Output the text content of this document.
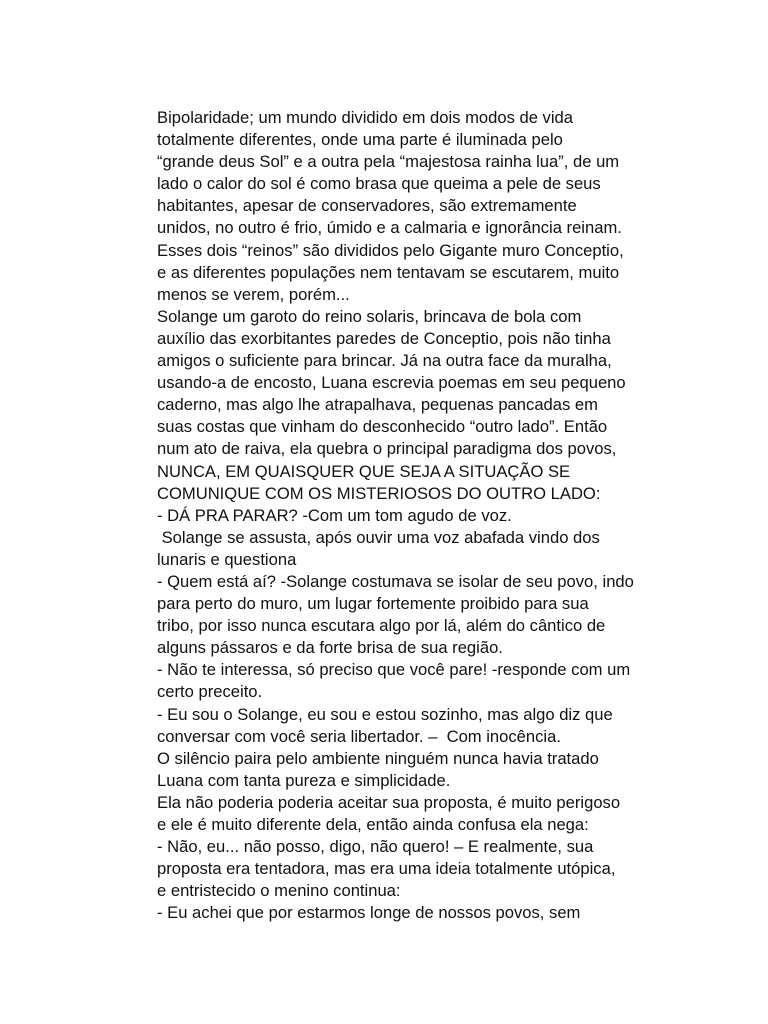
Bipolaridade; um mundo dividido em dois modos de vida
totalmente diferentes, onde uma parte é iluminada pelo
“grande deus Sol” e a outra pela “majestosa rainha lua”, de um
lado o calor do sol é como brasa que queima a pele de seus
habitantes, apesar de conservadores, são extremamente
unidos, no outro é frio, úmido e a calmaria e ignorância reinam.
Esses dois “reinos” são divididos pelo Gigante muro Conceptio,
e as diferentes populações nem tentavam se escutarem, muito
menos se verem, porém...
Solange um garoto do reino solaris, brincava de bola com
auxílio das exorbitantes paredes de Conceptio, pois não tinha
amigos o suficiente para brincar. Já na outra face da muralha,
usando-a de encosto, Luana escrevia poemas em seu pequeno
caderno, mas algo lhe atrapalhava, pequenas pancadas em
suas costas que vinham do desconhecido “outro lado”. Então
num ato de raiva, ela quebra o principal paradigma dos povos,
NUNCA, EM QUAISQUER QUE SEJA A SITUAÇÃO SE
COMUNIQUE COM OS MISTERIOSOS DO OUTRO LADO:
- DÁ PRA PARAR? -Com um tom agudo de voz.
Solange se assusta, após ouvir uma voz abafada vindo dos
lunaris e questiona
- Quem está aí? -Solange costumava se isolar de seu povo, indo
para perto do muro, um lugar fortemente proibido para sua
tribo, por isso nunca escutara algo por lá, além do cântico de
alguns pássaros e da forte brisa de sua região.
- Não te interessa, só preciso que você pare! -responde com um
certo preceito.
- Eu sou o Solange, eu sou e estou sozinho, mas algo diz que
conversar com você seria libertador. –  Com inocência.
O silêncio paira pelo ambiente ninguém nunca havia tratado
Luana com tanta pureza e simplicidade.
Ela não poderia poderia aceitar sua proposta, é muito perigoso
e ele é muito diferente dela, então ainda confusa ela nega:
- Não, eu... não posso, digo, não quero! – E realmente, sua
proposta era tentadora, mas era uma ideia totalmente utópica,
e entristecido o menino continua:
- Eu achei que por estarmos longe de nossos povos, sem
